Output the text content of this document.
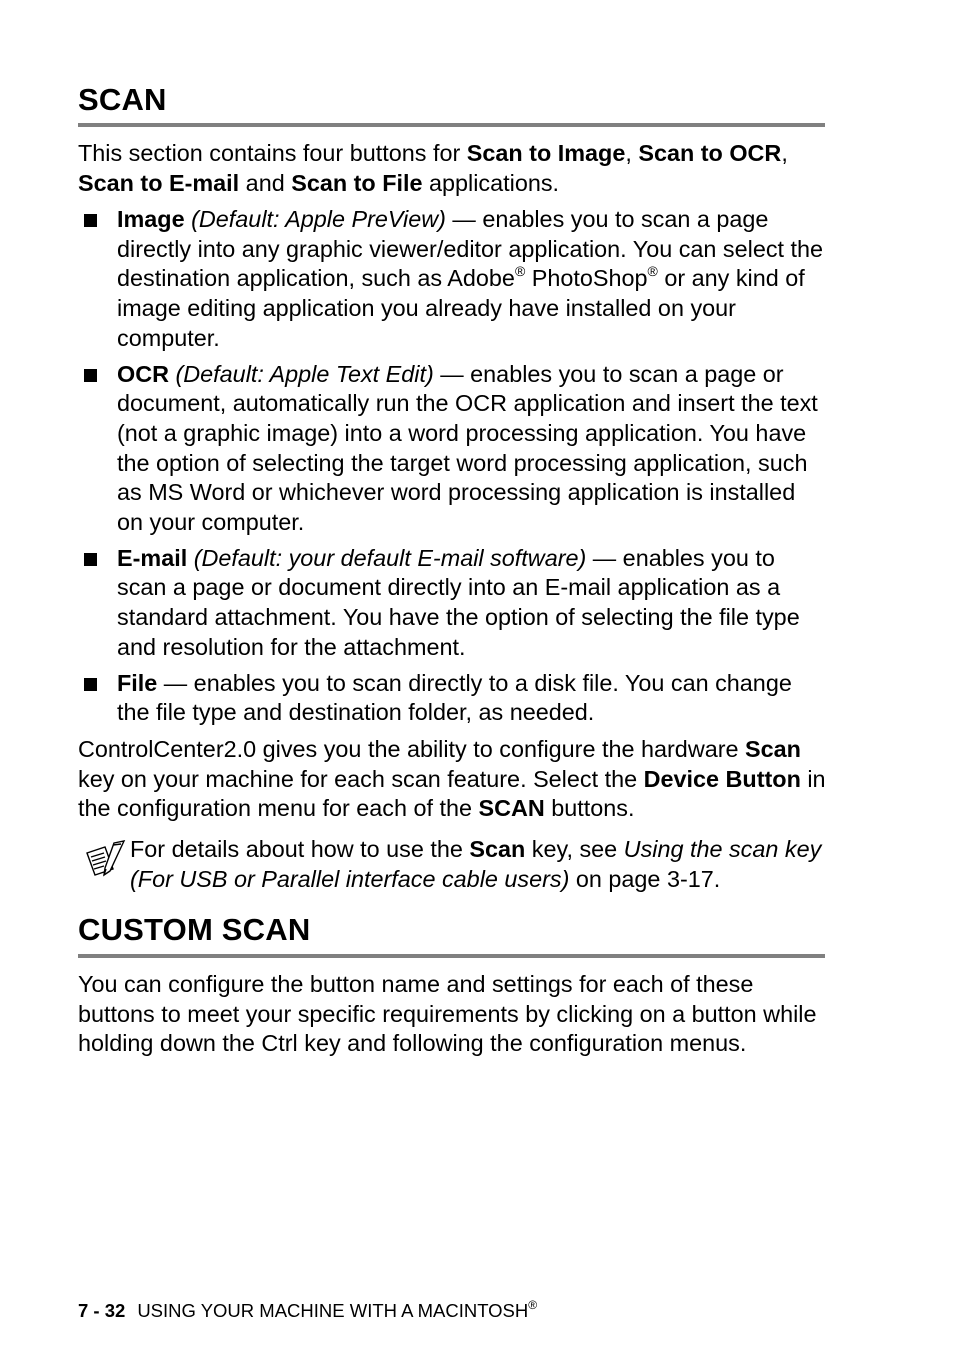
SCAN

This section contains four buttons for Scan to Image, Scan to OCR, Scan to E-mail and Scan to File applications.

Image (Default: Apple PreView) — enables you to scan a page directly into any graphic viewer/editor application. You can select the destination application, such as Adobe® PhotoShop® or any kind of image editing application you already have installed on your computer.
OCR (Default: Apple Text Edit) — enables you to scan a page or document, automatically run the OCR application and insert the text (not a graphic image) into a word processing application. You have the option of selecting the target word processing application, such as MS Word or whichever word processing application is installed on your computer.
E-mail (Default: your default E-mail software) — enables you to scan a page or document directly into an E-mail application as a standard attachment. You have the option of selecting the file type and resolution for the attachment.
File — enables you to scan directly to a disk file. You can change the file type and destination folder, as needed.

ControlCenter2.0 gives you the ability to configure the hardware Scan key on your machine for each scan feature. Select the Device Button in the configuration menu for each of the SCAN buttons.

For details about how to use the Scan key, see Using the scan key (For USB or Parallel interface cable users) on page 3-17.
CUSTOM SCAN

You can configure the button name and settings for each of these buttons to meet your specific requirements by clicking on a button while holding down the Ctrl key and following the configuration menus.

7 - 32 USING YOUR MACHINE WITH A MACINTOSH®
